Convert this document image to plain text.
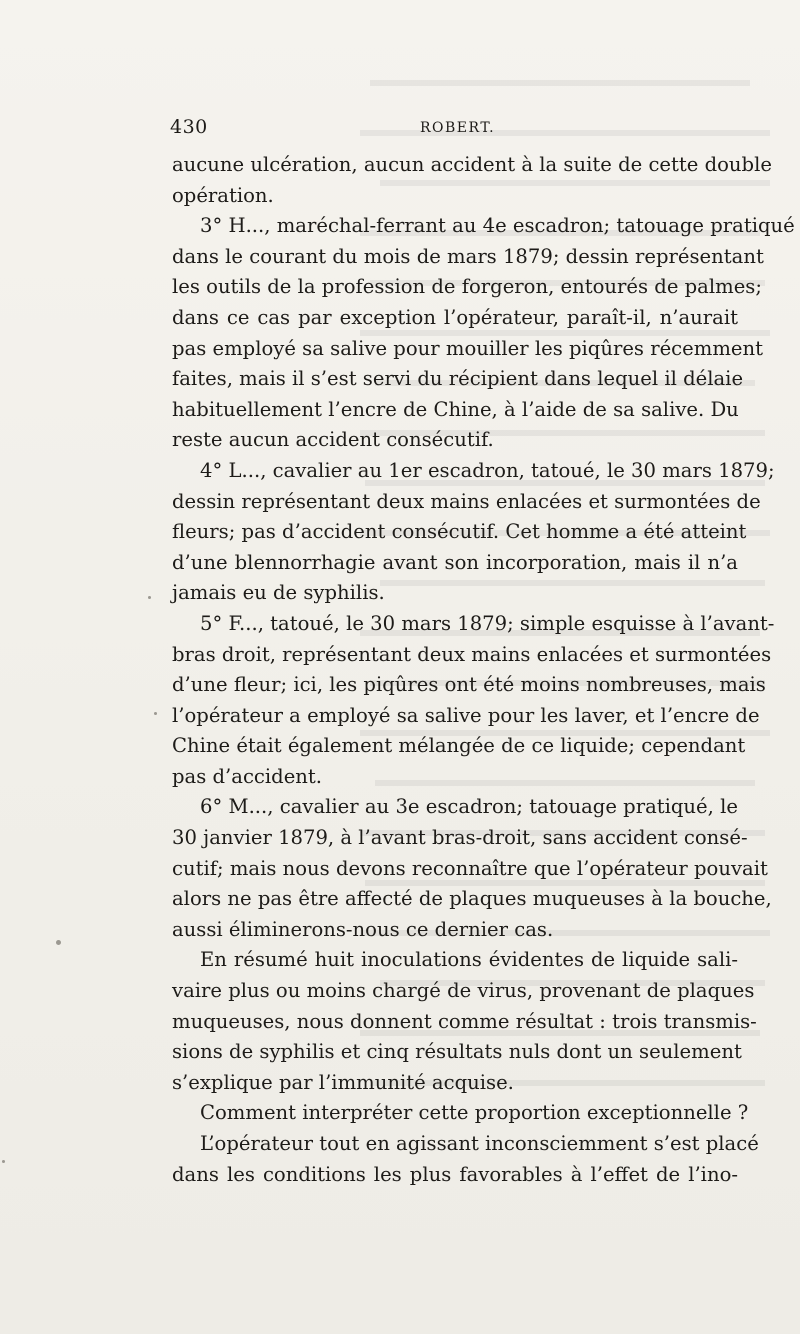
430	ROBERT.
aucune ulcération, aucun accident à la suite de cette double
opération.
3° H..., maréchal-ferrant au 4e escadron; tatouage pratiqué
dans le courant du mois de mars 1879; dessin représentant
les outils de la profession de forgeron, entourés de palmes;
dans ce cas par exception l’opérateur, paraît-il, n’aurait
pas employé sa salive pour mouiller les piqûres récemment
faites, mais il s’est servi du récipient dans lequel il délaie
habituellement l’encre de Chine, à l’aide de sa salive. Du
reste aucun accident consécutif.
4° L..., cavalier au 1er escadron, tatoué, le 30 mars 1879;
dessin représentant deux mains enlacées et surmontées de
fleurs; pas d’accident consécutif. Cet homme a été atteint
d’une blennorrhagie avant son incorporation, mais il n’a
jamais eu de syphilis.
5° F..., tatoué, le 30 mars 1879; simple esquisse à l’avant-
bras droit, représentant deux mains enlacées et surmontées
d’une fleur; ici, les piqûres ont été moins nombreuses, mais
l’opérateur a employé sa salive pour les laver, et l’encre de
Chine était également mélangée de ce liquide; cependant
pas d’accident.
6° M..., cavalier au 3e escadron; tatouage pratiqué, le
30 janvier 1879, à l’avant bras-droit, sans accident consé-
cutif; mais nous devons reconnaître que l’opérateur pouvait
alors ne pas être affecté de plaques muqueuses à la bouche,
aussi éliminerons-nous ce dernier cas.
En résumé huit inoculations évidentes de liquide sali-
vaire plus ou moins chargé de virus, provenant de plaques
muqueuses, nous donnent comme résultat : trois transmis-
sions de syphilis et cinq résultats nuls dont un seulement
s’explique par l’immunité acquise.
Comment interpréter cette proportion exceptionnelle ?
L’opérateur tout en agissant inconsciemment s’est placé
dans les conditions les plus favorables à l’effet de l’ino-
